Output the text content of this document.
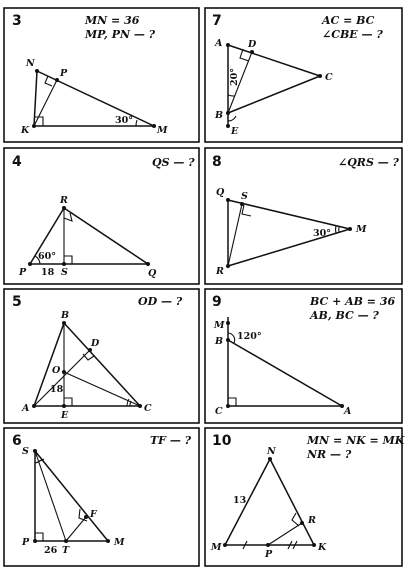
3	MN = 36
MP, PN — ?
N
P
K	M
30°
7	AC = BC
∠CBE — ?
A	D
C
B
E
20°
4	QS — ?
R
P	S	Q
60°
18
8	∠QRS — ?
Q S
M
R
30°
5	OD — ?
B
D
O
A
E
C
18
9	BC + AB = 36
AB, BC — ?
M
B
C	A
120°
6	TF — ?
S
F
P
T
M
26
10	MN = NK = MK
NR — ?
N
R
M
P
K
13
